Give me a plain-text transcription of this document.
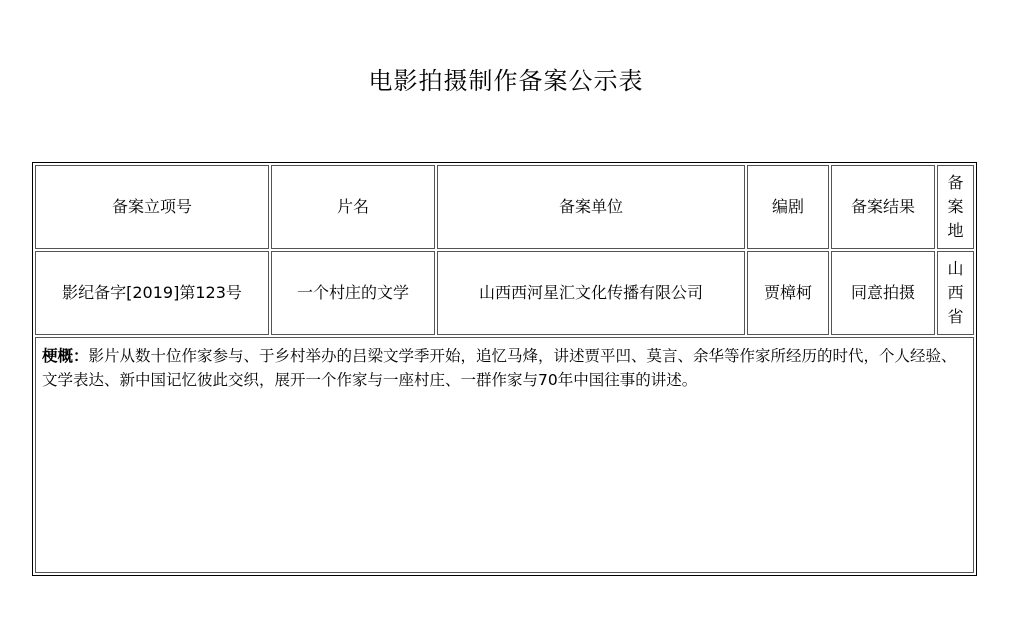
电影拍摄制作备案公示表
备案立项号	片名	备案单位	编剧	备案结果	备
案
地

影纪备字[2019]第123号	一个村庄的文学	山西西河星汇文化传播有限公司	贾樟柯	同意拍摄	山
西
省

梗概：影片从数十位作家参与、于乡村举办的吕梁文学季开始，追忆马烽，讲述贾平凹、莫言、余华等作家所经历的时代，个人经验、文学表达、新中国记忆彼此交织，展开一个作家与一座村庄、一群作家与70年中国往事的讲述。					
